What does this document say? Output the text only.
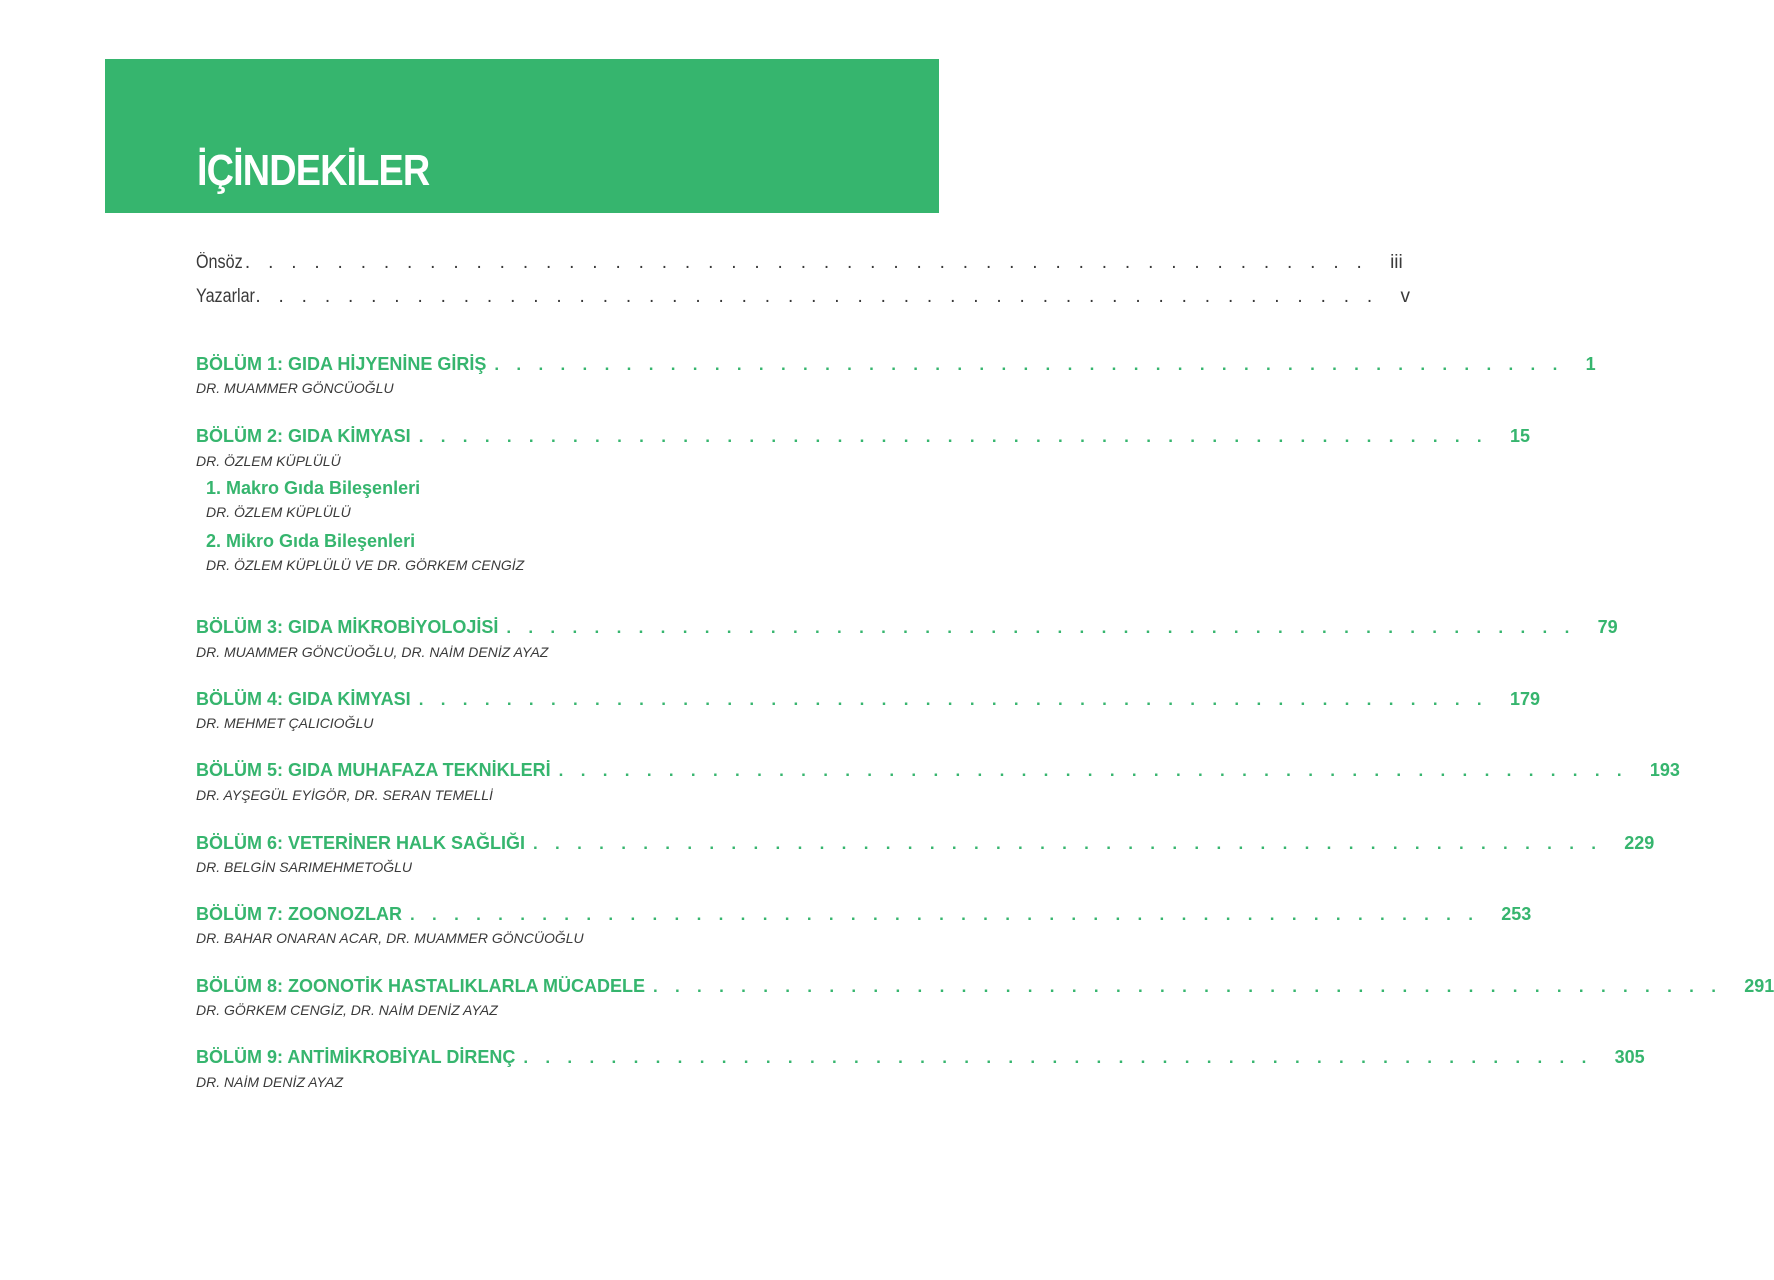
İÇİNDEKİLER
Önsöz . . . . . . . . . . . . . . . . . . . . . . . . . . . . . . . . . . . . . . . . . . . . . . . . . iii
Yazarlar . . . . . . . . . . . . . . . . . . . . . . . . . . . . . . . . . . . . . . . . . . . . . . . . . v
BÖLÜM 1: GIDA HİJYENİNE GİRİŞ . . . . . . . . . . . . . . . . . . . . . . . . . . . . . . . . . . . . . . . . . . . . . . . . . 1
DR. MUAMMER GÖNCÜOĞLU
BÖLÜM 2: GIDA KİMYASI . . . . . . . . . . . . . . . . . . . . . . . . . . . . . . . . . . . . . . . . . . . . . . . . . 15
DR. ÖZLEM KÜPLÜLÜ
1. Makro Gıda Bileşenleri
DR. ÖZLEM KÜPLÜLÜ
2. Mikro Gıda Bileşenleri
DR. ÖZLEM KÜPLÜLÜ VE DR. GÖRKEM CENGİZ
BÖLÜM 3: GIDA MİKROBİYOLOJİSİ . . . . . . . . . . . . . . . . . . . . . . . . . . . . . . . . . . . . . . . . . . . . . . . . . 79
DR. MUAMMER GÖNCÜOĞLU, DR. NAİM DENİZ AYAZ
BÖLÜM 4: GIDA KİMYASI . . . . . . . . . . . . . . . . . . . . . . . . . . . . . . . . . . . . . . . . . . . . . . . . . 179
DR. MEHMET ÇALICIOĞLU
BÖLÜM 5: GIDA MUHAFAZA TEKNİKLERİ . . . . . . . . . . . . . . . . . . . . . . . . . . . . . . . . . . . . . . . . . . . . . . . . . 193
DR. AYŞEGÜL EYİGÖR, DR. SERAN TEMELLİ
BÖLÜM 6: VETERİNER HALK SAĞLIĞI . . . . . . . . . . . . . . . . . . . . . . . . . . . . . . . . . . . . . . . . . . . . . . . . . 229
DR. BELGİN SARIMEHMETOĞLU
BÖLÜM 7: ZOONOZLAR . . . . . . . . . . . . . . . . . . . . . . . . . . . . . . . . . . . . . . . . . . . . . . . . . 253
DR. BAHAR ONARAN ACAR, DR. MUAMMER GÖNCÜOĞLU
BÖLÜM 8: ZOONOTİK HASTALIKLARLA MÜCADELE . . . . . . . . . . . . . . . . . . . . . . . . . . . . . . . . . . . . . . . . . . . . . . . . . 291
DR. GÖRKEM CENGİZ, DR. NAİM DENİZ AYAZ
BÖLÜM 9: ANTİMİKROBİYAL DİRENÇ . . . . . . . . . . . . . . . . . . . . . . . . . . . . . . . . . . . . . . . . . . . . . . . . . 305
DR. NAİM DENİZ AYAZ
